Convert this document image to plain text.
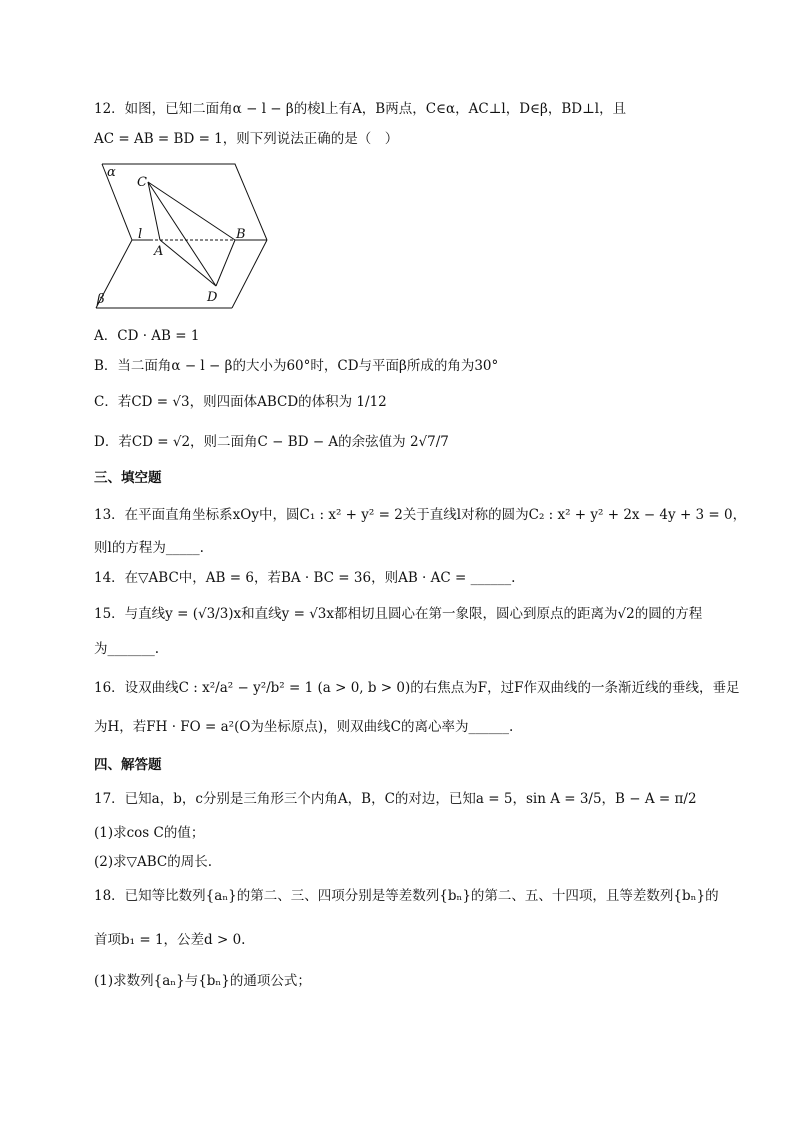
12．如图，已知二面角α − l − β的棱l上有A，B两点，C∈α，AC⊥l，D∈β，BD⊥l，且
AC = AB = BD = 1，则下列说法正确的是（　）
α
β
l
A
B
C
D
A．CD · AB = 1
B．当二面角α − l − β的大小为60°时，CD与平面β所成的角为30°
C．若CD = √3，则四面体ABCD的体积为 1/12
D．若CD = √2，则二面角C − BD − A的余弦值为 2√7/7
三、填空题
13．在平面直角坐标系xOy中，圆C₁ : x² + y² = 2关于直线l对称的圆为C₂ : x² + y² + 2x − 4y + 3 = 0，
则l的方程为_____.
14．在▽ABC中，AB = 6，若BA · BC = 36，则AB · AC = ______.
15．与直线y = (√3/3)x和直线y = √3x都相切且圆心在第一象限，圆心到原点的距离为√2的圆的方程
为_______.
16．设双曲线C : x²/a² − y²/b² = 1 (a > 0, b > 0)的右焦点为F，过F作双曲线的一条渐近线的垂线，垂足
为H，若FH · FO = a²(O为坐标原点)，则双曲线C的离心率为______.
四、解答题
17．已知a，b，c分别是三角形三个内角A，B，C的对边，已知a = 5，sin A = 3/5，B − A = π/2
(1)求cos C的值；
(2)求▽ABC的周长.
18．已知等比数列{aₙ}的第二、三、四项分别是等差数列{bₙ}的第二、五、十四项，且等差数列{bₙ}的
首项b₁ = 1，公差d > 0.
(1)求数列{aₙ}与{bₙ}的通项公式；
